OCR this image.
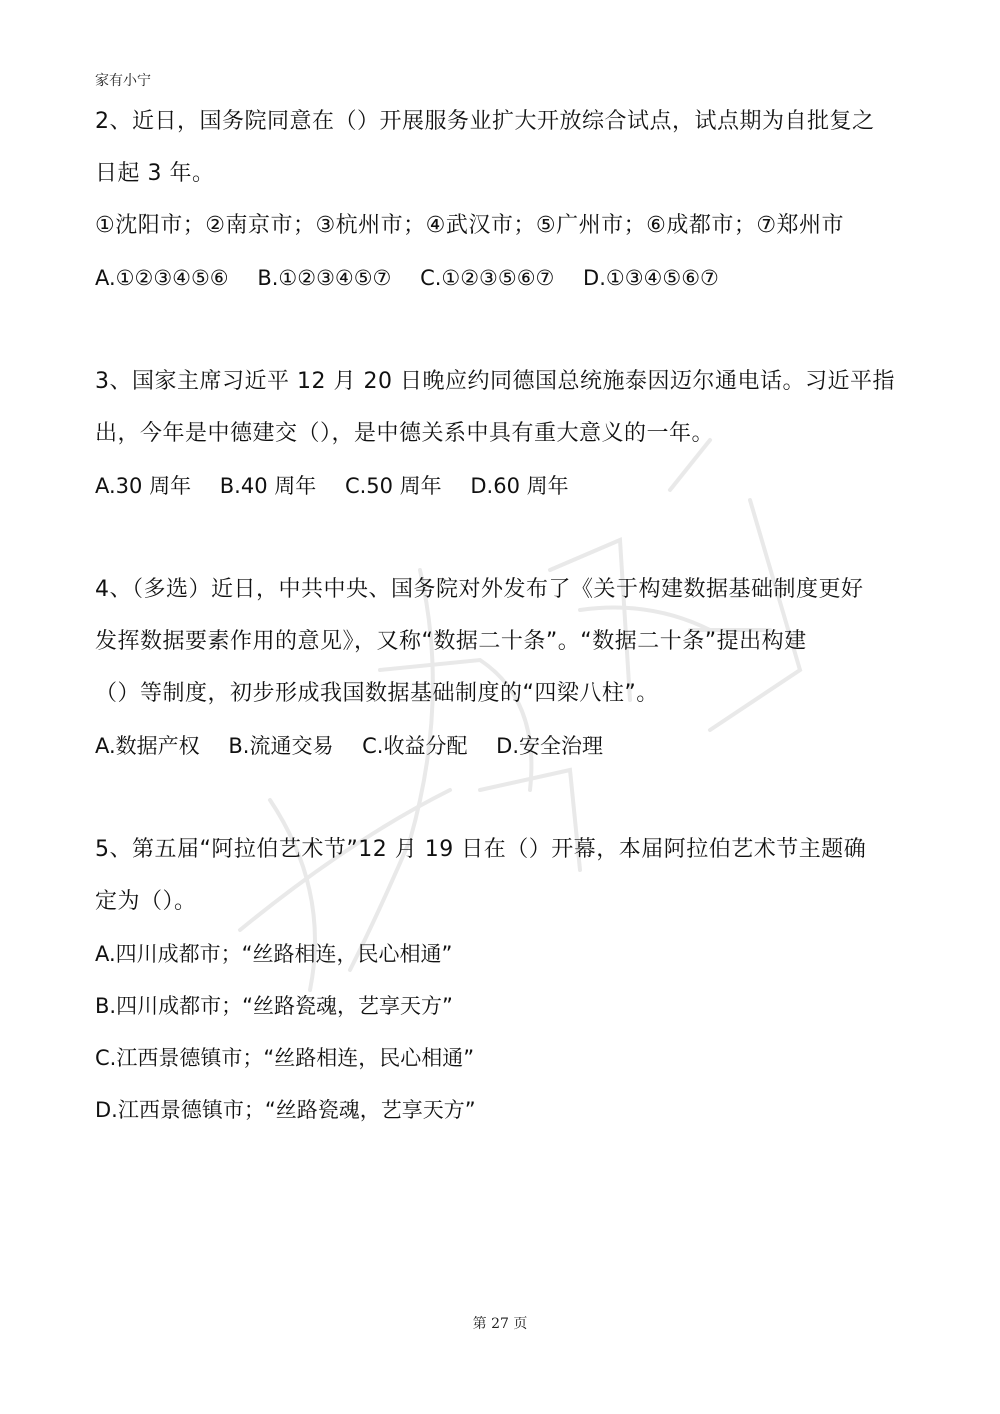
家有小宁
2、近日，国务院同意在（）开展服务业扩大开放综合试点，试点期为自批复之
日起 3 年。
①沈阳市；②南京市；③杭州市；④武汉市；⑤广州市；⑥成都市；⑦郑州市
A.①②③④⑤⑥ B.①②③④⑤⑦ C.①②③⑤⑥⑦ D.①③④⑤⑥⑦
3、国家主席习近平 12 月 20 日晚应约同德国总统施泰因迈尔通电话。习近平指
出，今年是中德建交（），是中德关系中具有重大意义的一年。
A.30 周年 B.40 周年 C.50 周年 D.60 周年
4、（多选）近日，中共中央、国务院对外发布了《关于构建数据基础制度更好
发挥数据要素作用的意见》，又称“数据二十条”。“数据二十条”提出构建
（）等制度，初步形成我国数据基础制度的“四梁八柱”。
A.数据产权 B.流通交易 C.收益分配 D.安全治理
5、第五届“阿拉伯艺术节”12 月 19 日在（）开幕，本届阿拉伯艺术节主题确
定为（）。
A.四川成都市；“丝路相连，民心相通”
B.四川成都市；“丝路瓷魂，艺享天方”
C.江西景德镇市；“丝路相连，民心相通”
D.江西景德镇市；“丝路瓷魂，艺享天方”
第 27 页
